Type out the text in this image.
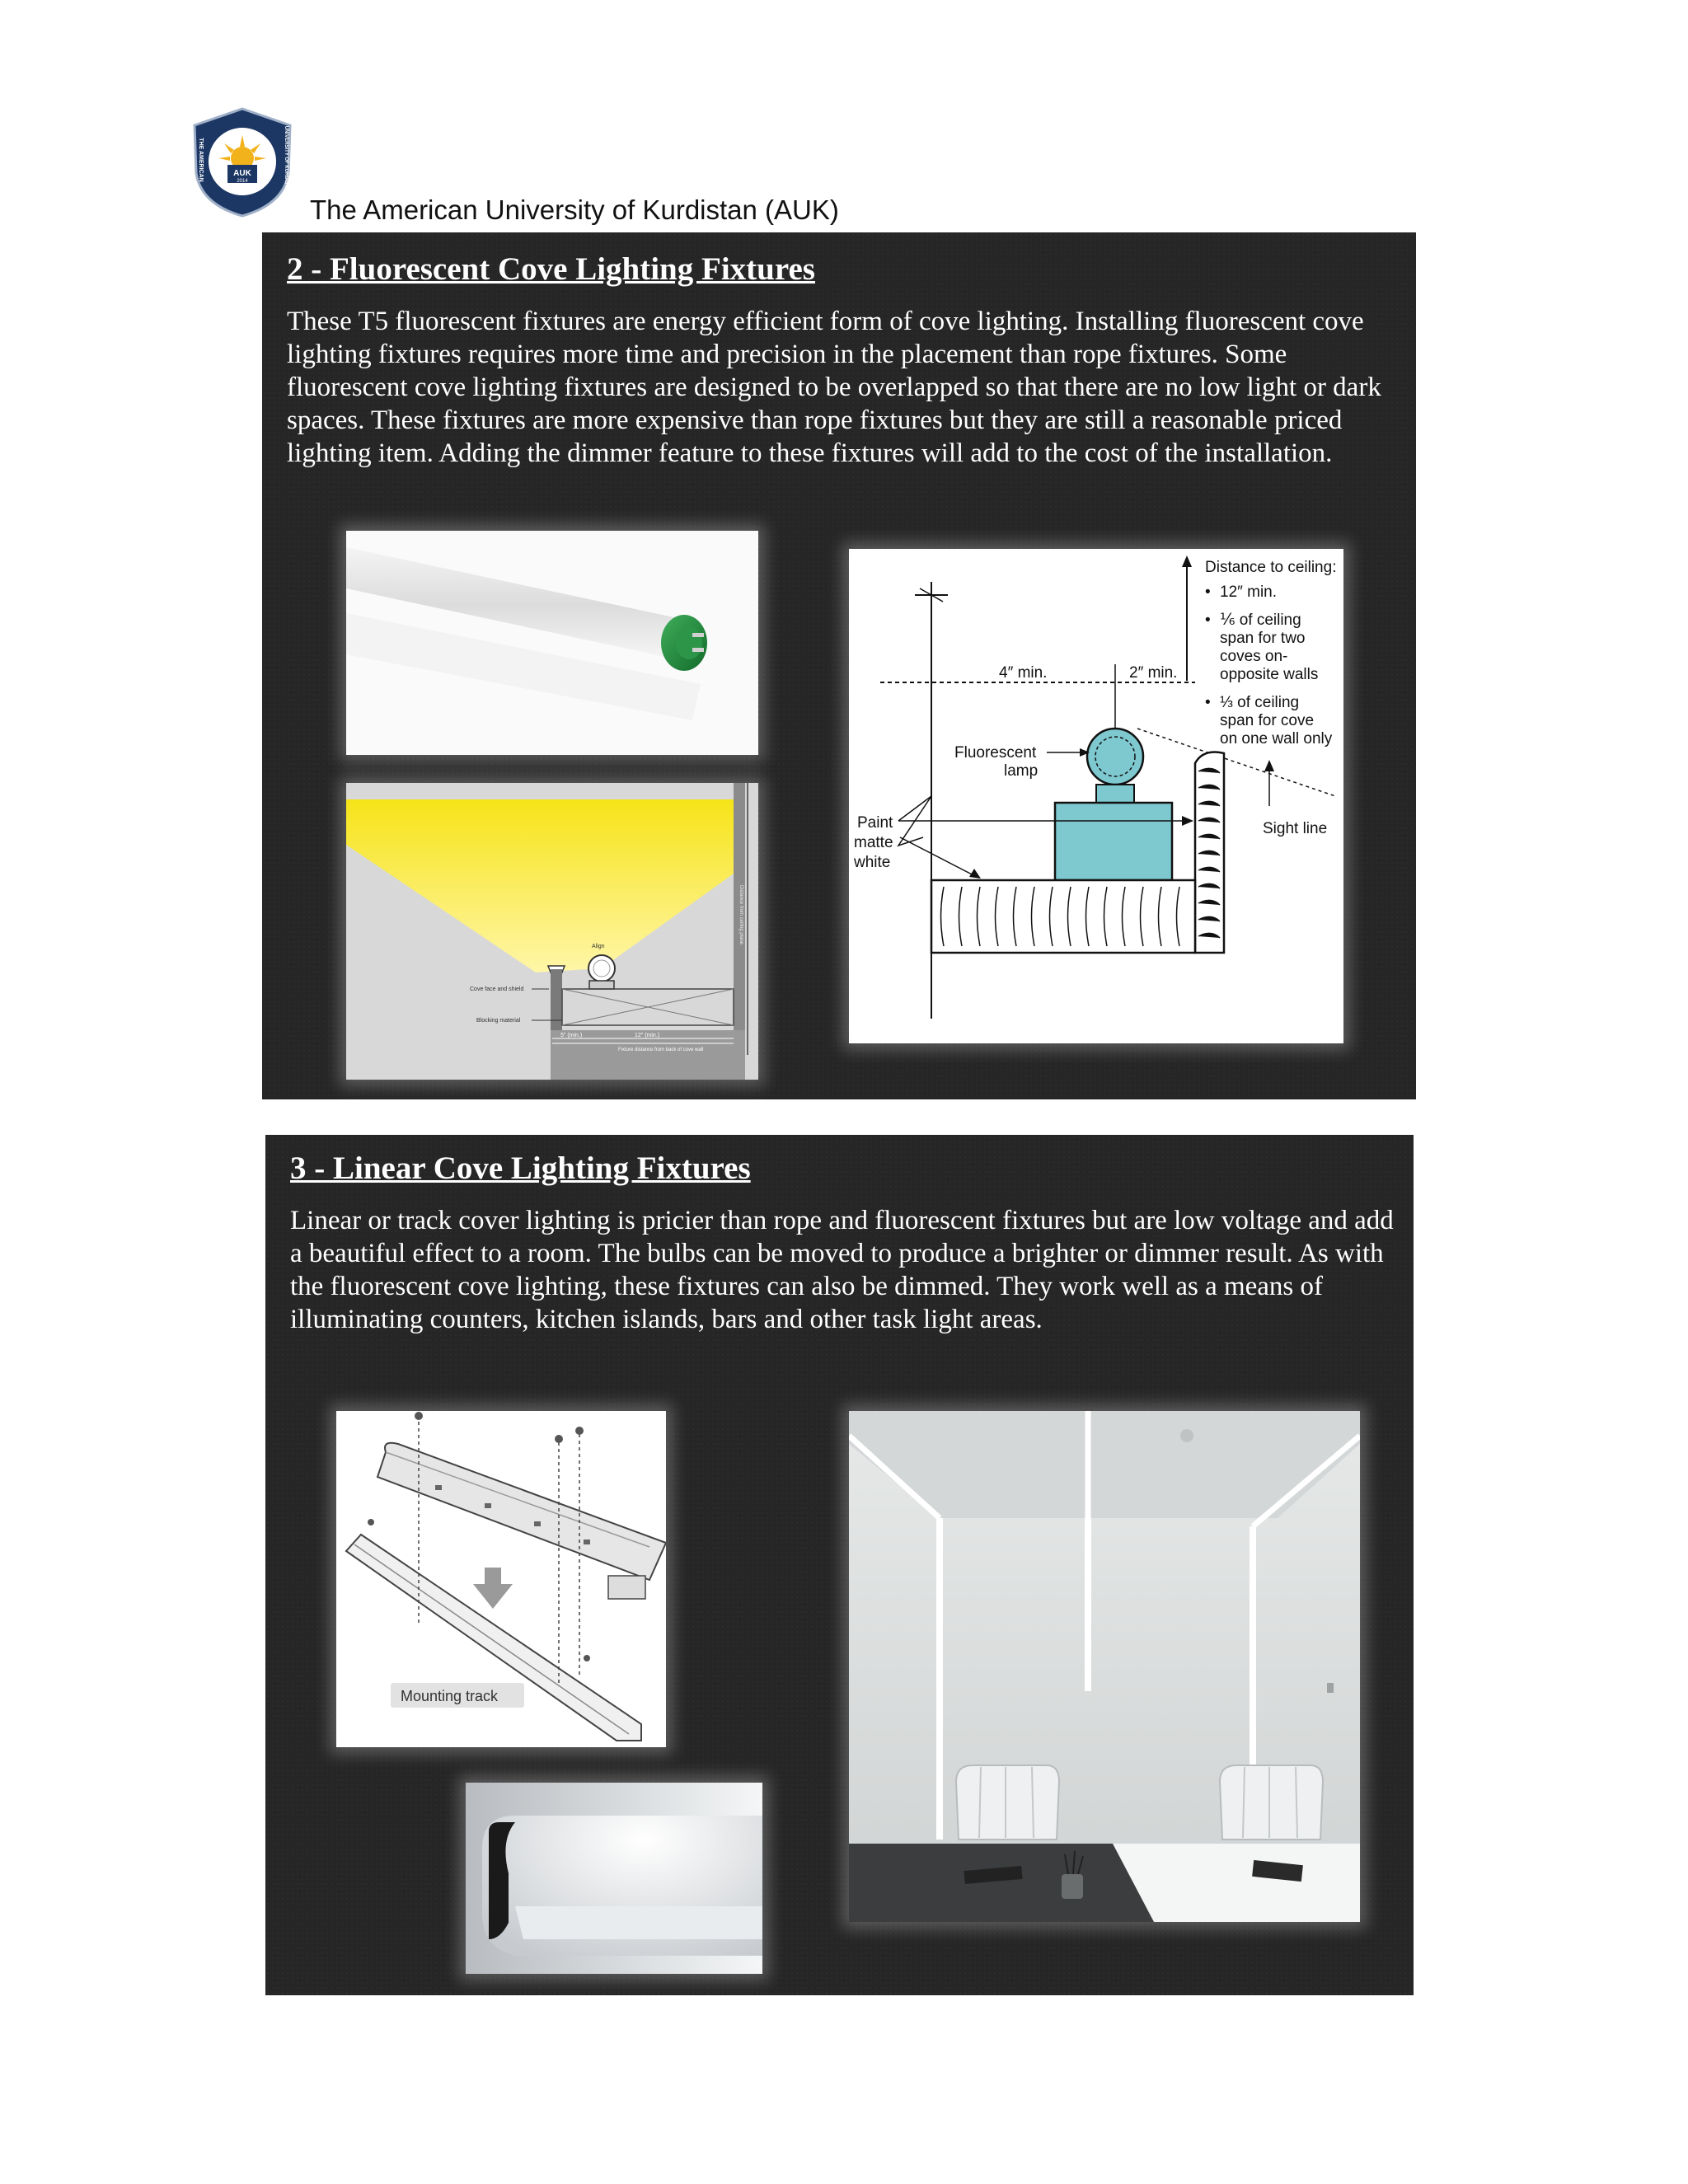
AUK
2014
THE AMERICAN	UNIVERSITY OF KURDISTAN
The American University of Kurdistan (AUK)
2 - Fluorescent Cove Lighting Fixtures
These T5 fluorescent fixtures are energy efficient form of cove lighting. Installing fluorescent cove lighting fixtures requires more time and precision in the placement than rope fixtures. Some fluorescent cove lighting fixtures are designed to be overlapped so that there are no low light or dark spaces. These fixtures are more expensive than rope fixtures but they are still a reasonable priced lighting item. Adding the dimmer feature to these fixtures will add to the cost of the installation.
Align
Cove face and shield
Blocking material
5″ (min.)	12″ (min.)
Fixture distance from back of cove wall
Distance from ceiling plane
4″ min.	2″ min.
Sight line
Fluorescent
lamp
Paint
matte
white
Distance to ceiling:
• 12″ min.
• ⅙ of ceiling
span for two
coves on-
opposite walls
• ⅓ of ceiling
span for cove
on one wall only
3 - Linear Cove Lighting Fixtures
Linear or track cover lighting is pricier than rope and fluorescent fixtures but are low voltage and add a beautiful effect to a room. The bulbs can be moved to produce a brighter or dimmer result. As with the fluorescent cove lighting, these fixtures can also be dimmed. They work well as a means of illuminating counters, kitchen islands, bars and other task light areas.
Mounting track
